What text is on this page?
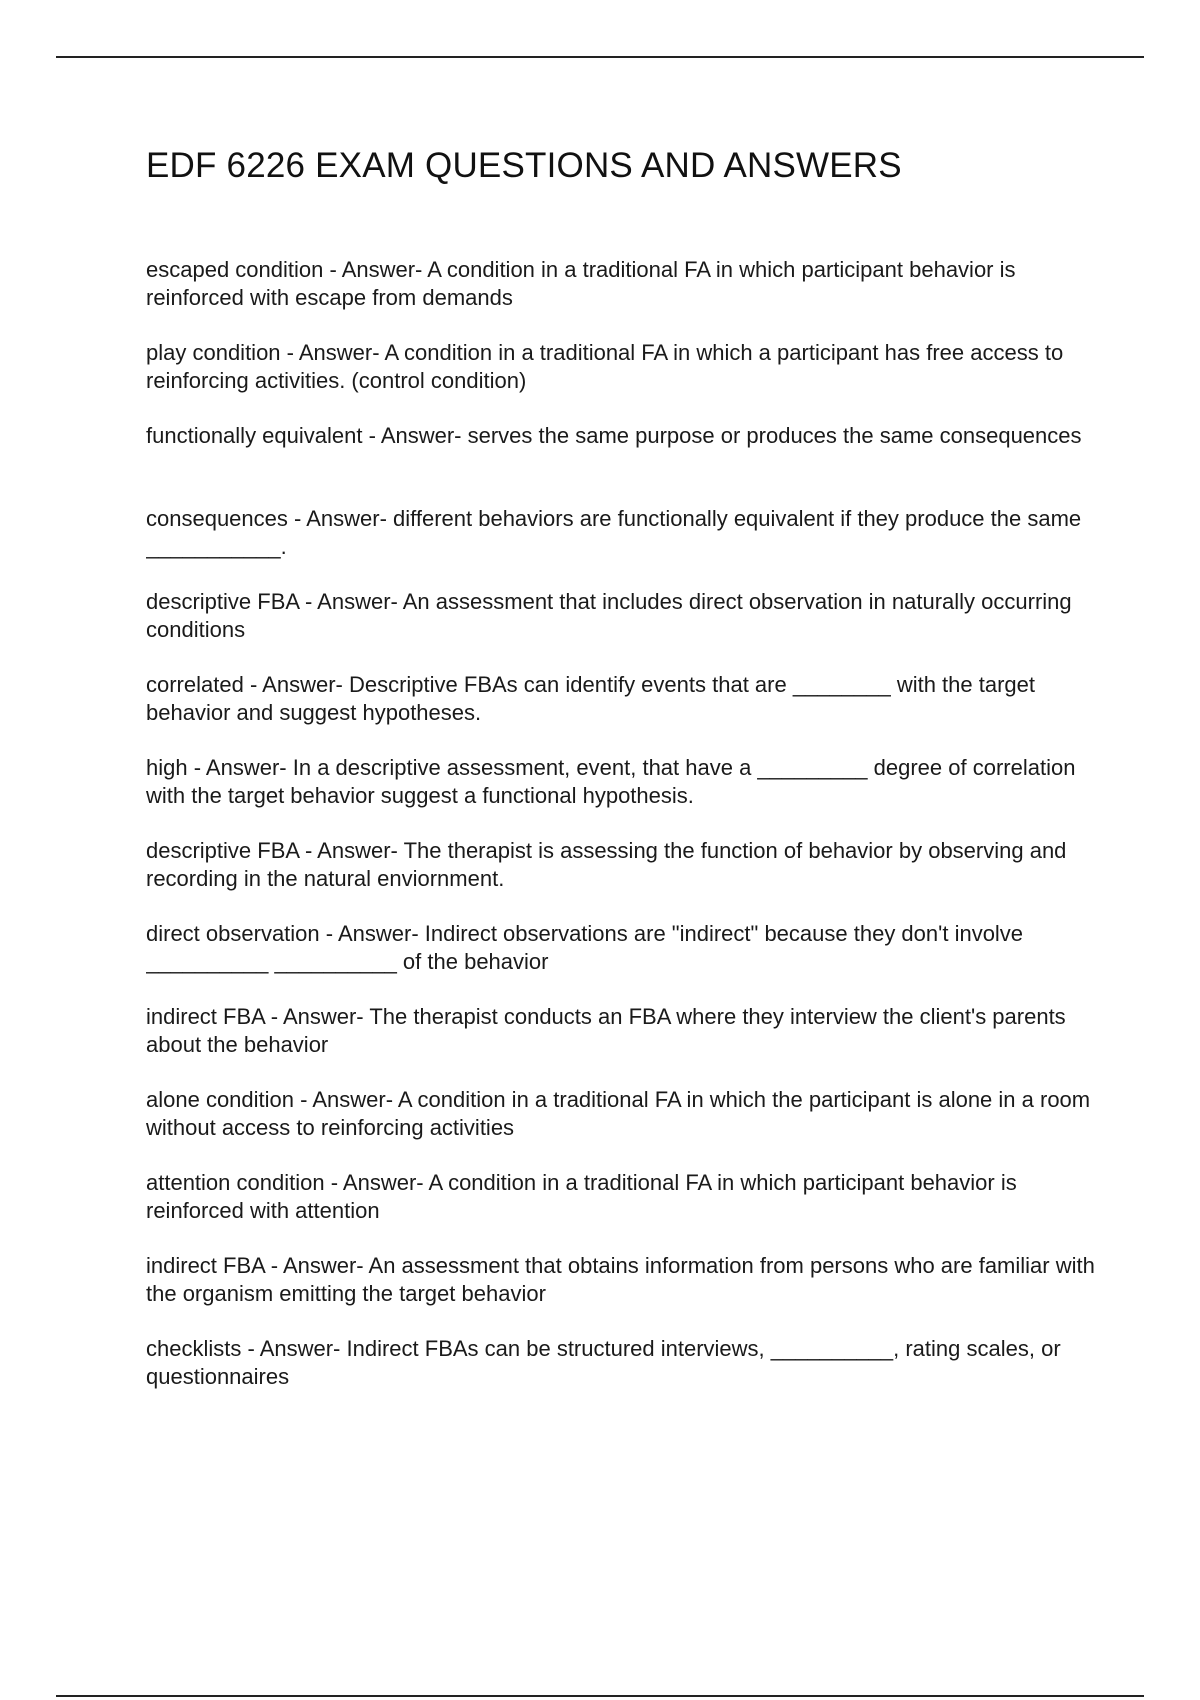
EDF 6226 EXAM QUESTIONS AND ANSWERS
escaped condition - Answer- A condition in a traditional FA in which participant behavior is reinforced with escape from demands
play condition - Answer- A condition in a traditional FA in which a participant has free access to reinforcing activities. (control condition)
functionally equivalent - Answer- serves the same purpose or produces the same consequences
consequences - Answer- different behaviors are functionally equivalent if they produce the same ___________.
descriptive FBA - Answer- An assessment that includes direct observation in naturally occurring conditions
correlated - Answer- Descriptive FBAs can identify events that are ________ with the target behavior and suggest hypotheses.
high - Answer- In a descriptive assessment, event, that have a _________ degree of correlation with the target behavior suggest a functional hypothesis.
descriptive FBA - Answer- The therapist is assessing the function of behavior by observing and recording in the natural enviornment.
direct observation - Answer- Indirect observations are "indirect" because they don't involve __________ __________ of the behavior
indirect FBA - Answer- The therapist conducts an FBA where they interview the client's parents about the behavior
alone condition - Answer- A condition in a traditional FA in which the participant is alone in a room without access to reinforcing activities
attention condition - Answer- A condition in a traditional FA in which participant behavior is reinforced with attention
indirect FBA - Answer- An assessment that obtains information from persons who are familiar with the organism emitting the target behavior
checklists - Answer- Indirect FBAs can be structured interviews, __________, rating scales, or questionnaires
